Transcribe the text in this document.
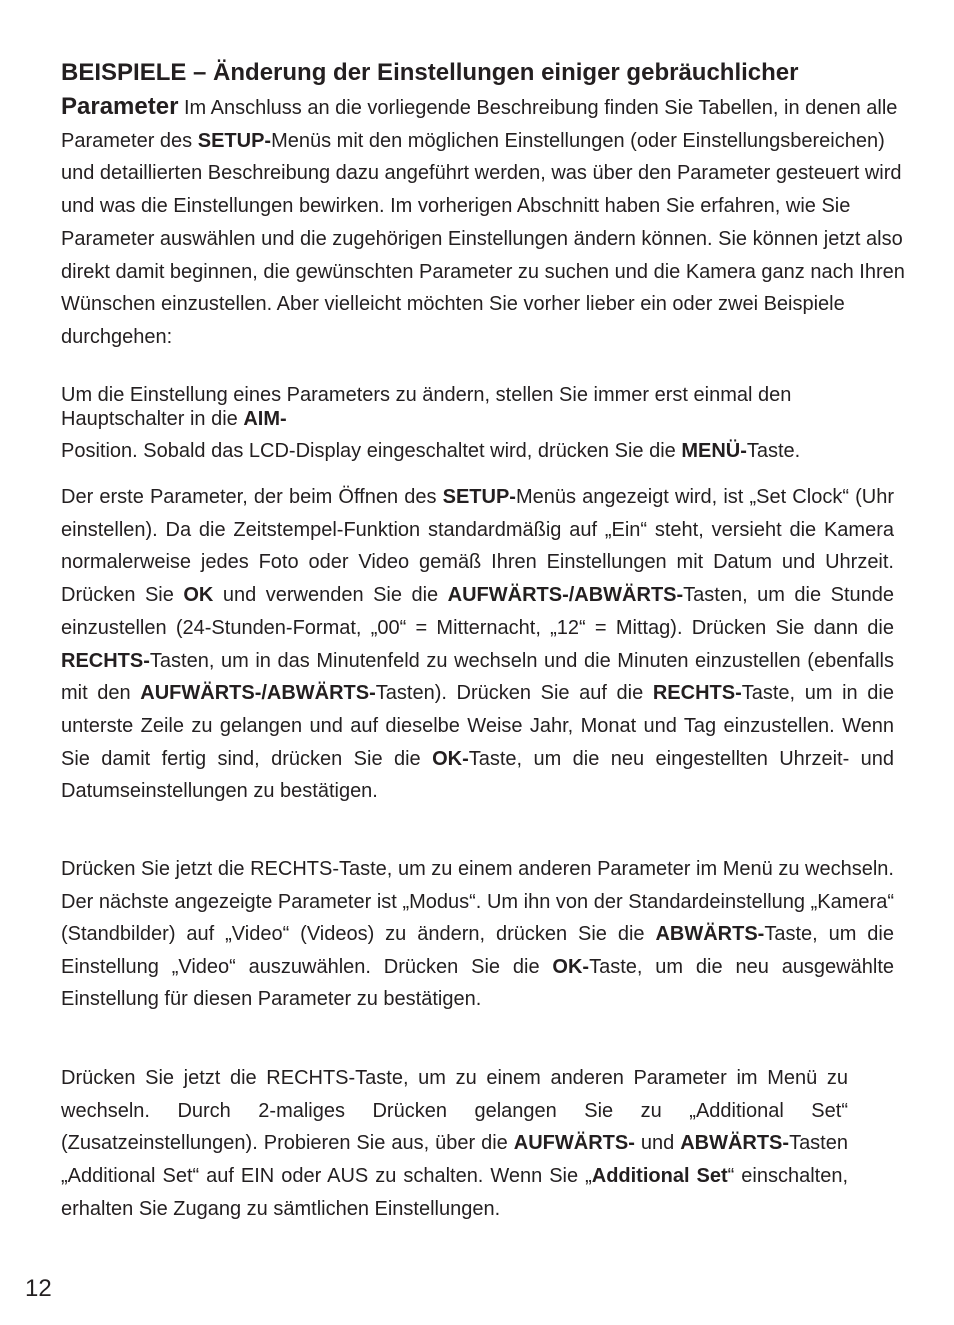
BEISPIELE – Änderung der Einstellungen einiger gebräuchlicher

Parameter Im Anschluss an die vorliegende Beschreibung finden Sie Tabellen, in denen alle Parameter des SETUP-Menüs mit den möglichen Einstellungen (oder Einstellungsbereichen) und detaillierten Beschreibung dazu angeführt werden, was über den Parameter gesteuert wird und was die Einstellungen bewirken. Im vorherigen Abschnitt haben Sie erfahren, wie Sie Parameter auswählen und die zugehörigen Einstellungen ändern können. Sie können jetzt also direkt damit beginnen, die gewünschten Parameter zu suchen und die Kamera ganz nach Ihren Wünschen einzustellen. Aber vielleicht möchten Sie vorher lieber ein oder zwei Beispiele durchgehen:

Um die Einstellung eines Parameters zu ändern, stellen Sie immer erst einmal den Hauptschalter in die AIM-

Position. Sobald das LCD-Display eingeschaltet wird, drücken Sie die MENÜ-Taste.

Der erste Parameter, der beim Öffnen des SETUP-Menüs angezeigt wird, ist „Set Clock“ (Uhr einstellen). Da die Zeitstempel-Funktion standardmäßig auf „Ein“ steht, versieht die Kamera normalerweise jedes Foto oder Video gemäß Ihren Einstellungen mit Datum und Uhrzeit. Drücken Sie OK und verwenden Sie die AUFWÄRTS-/ABWÄRTS-Tasten, um die Stunde einzustellen (24-Stunden-Format, „00“ = Mitternacht, „12“ = Mittag). Drücken Sie dann die RECHTS-Tasten, um in das Minutenfeld zu wechseln und die Minuten einzustellen (ebenfalls mit den AUFWÄRTS-/ABWÄRTS-Tasten). Drücken Sie auf die RECHTS-Taste, um in die unterste Zeile zu gelangen und auf dieselbe Weise Jahr, Monat und Tag einzustellen. Wenn Sie damit fertig sind, drücken Sie die OK-Taste, um die neu eingestellten Uhrzeit- und Datumseinstellungen zu bestätigen.

Drücken Sie jetzt die RECHTS-Taste, um zu einem anderen Parameter im Menü zu wechseln. Der nächste angezeigte Parameter ist „Modus“. Um ihn von der Standardeinstellung „Kamera“ (Standbilder) auf „Video“ (Videos) zu ändern, drücken Sie die ABWÄRTS-Taste, um die Einstellung „Video“ auszuwählen. Drücken Sie die OK-Taste, um die neu ausgewählte Einstellung für diesen Parameter zu bestätigen.

Drücken Sie jetzt die RECHTS-Taste, um zu einem anderen Parameter im Menü zu wechseln. Durch 2-maliges Drücken gelangen Sie zu „Additional Set“ (Zusatzeinstellungen). Probieren Sie aus, über die AUFWÄRTS- und ABWÄRTS-Tasten „Additional Set“ auf EIN oder AUS zu schalten. Wenn Sie „Additional Set“ einschalten, erhalten Sie Zugang zu sämtlichen Einstellungen.

12
